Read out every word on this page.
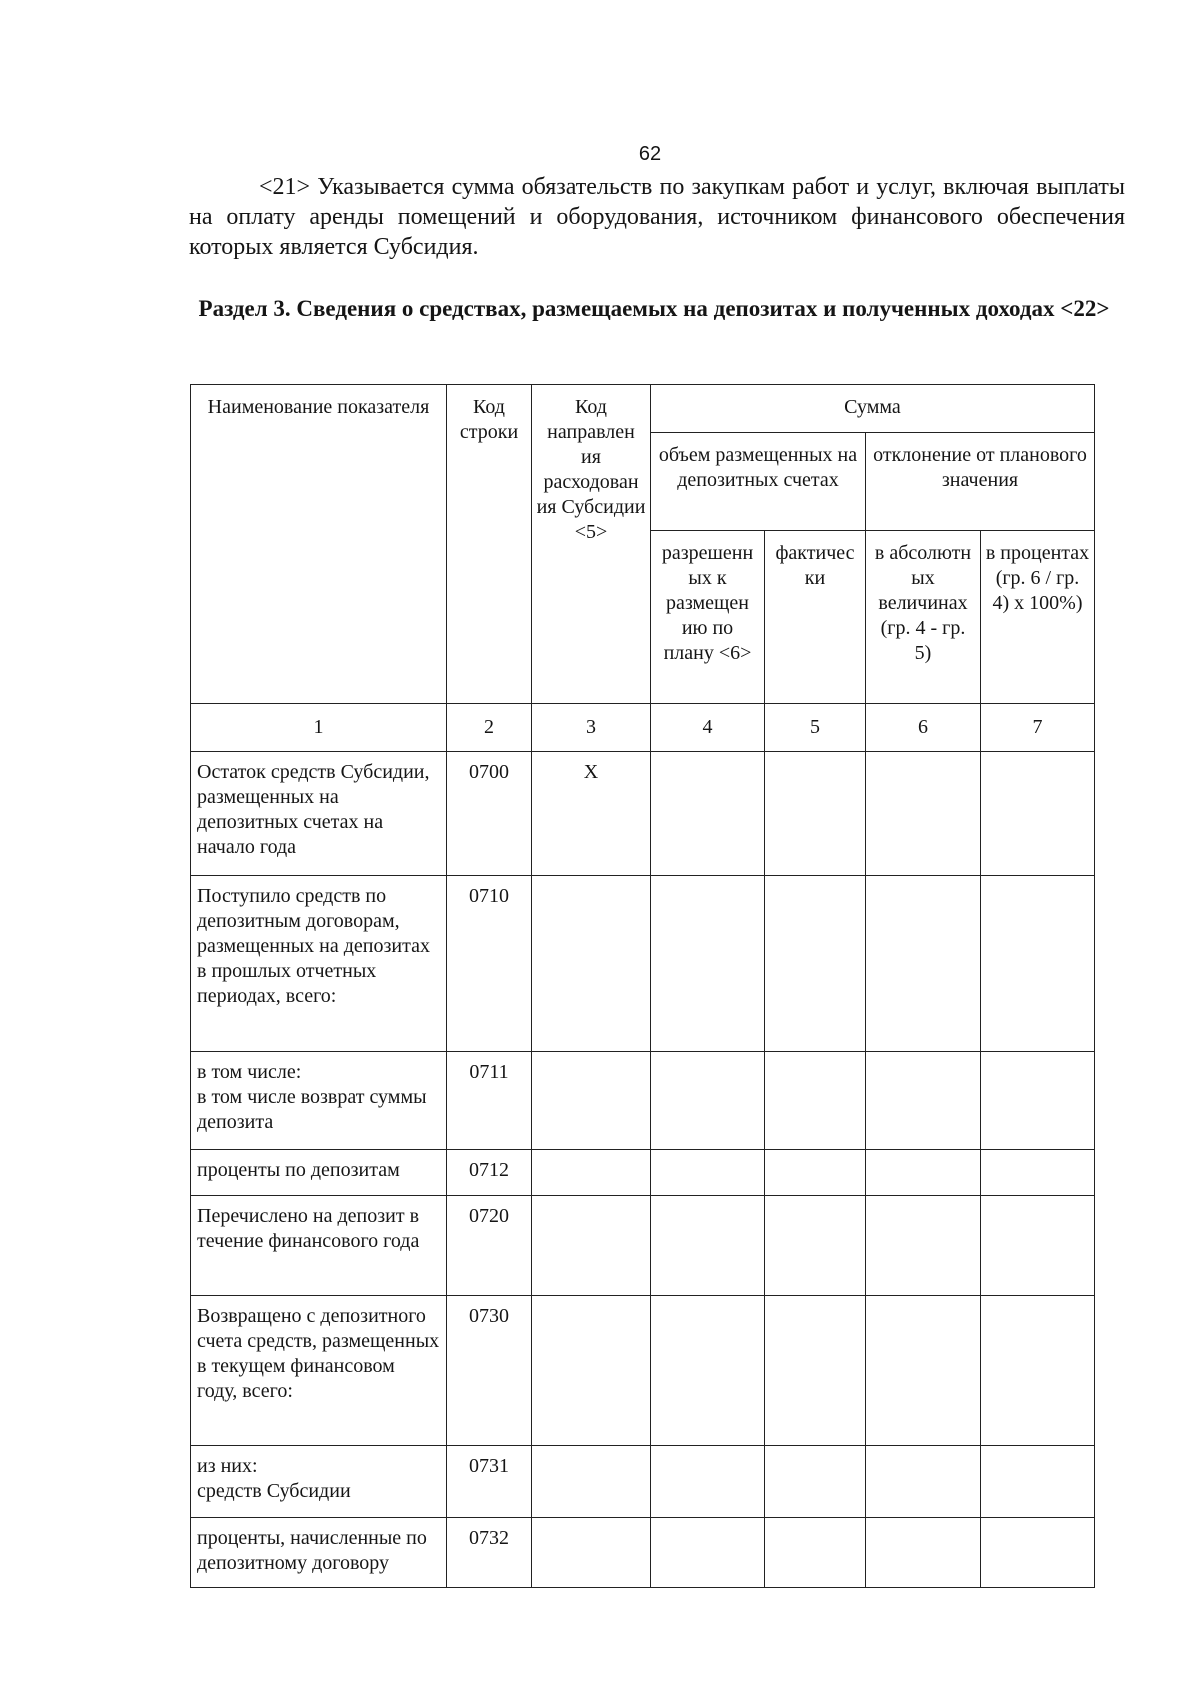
62

<21> Указывается сумма обязательств по закупкам работ и услуг, включая выплаты на оплату аренды помещений и оборудования, источником финансового обеспечения которых является Субсидия.

Раздел 3. Сведения о средствах, размещаемых на депозитах и полученных доходах <22>

Наименование показателя	Код строки	Код направлен ия расходован ия Субсидии <5>	Сумма			
			объем размещенных на депозитных счетах		отклонение от планового значения	
			разрешенн ых к размещен ию по плану <6>	фактичес ки	в абсолютн ых величинах (гр. 4 - гр. 5)	в процентах (гр. 6 / гр. 4) х 100%)
1	2	3	4	5	6	7
Остаток средств Субсидии, размещенных на депозитных счетах на начало года	0700	X				
Поступило средств по депозитным договорам, размещенных на депозитах в прошлых отчетных периодах, всего:	0710					
в том числе:
в том числе возврат суммы депозита	0711					
проценты по депозитам	0712					
Перечислено на депозит в течение финансового года	0720					
Возвращено с депозитного счета средств, размещенных в текущем финансовом году, всего:	0730					
из них:
средств Субсидии	0731					
проценты, начисленные по депозитному договору	0732					
